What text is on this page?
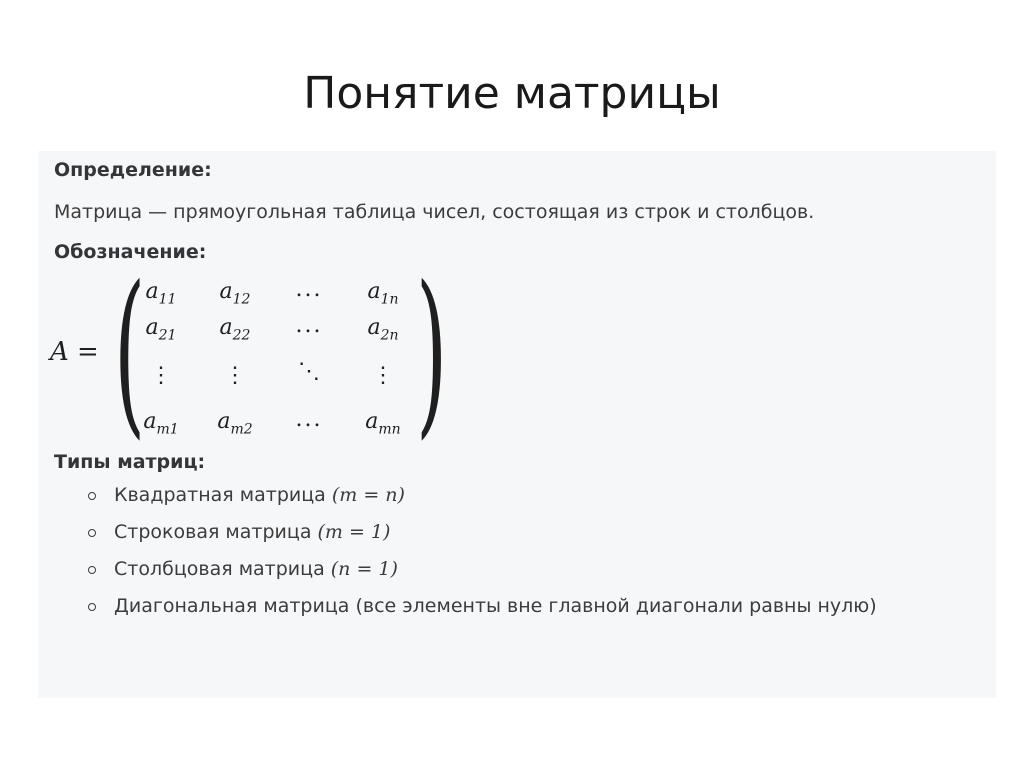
Понятие матрицы

Определение:

Матрица — прямоугольная таблица чисел, состоящая из строк и столбцов.

Обозначение:

A = ( )
$a_{11}$	$a_{12}$	...	$a_{1n}$
$a_{21}$	$a_{22}$	...	$a_{2n}$
⋮	⋮	⋱	⋮
$a_{m1}$	$a_{m2}$	...	$a_{mn}$

Типы матриц:

Квадратная матрица (m = n)
Строковая матрица (m = 1)
Столбцовая матрица (n = 1)
Диагональная матрица (все элементы вне главной диагонали равны нулю)
